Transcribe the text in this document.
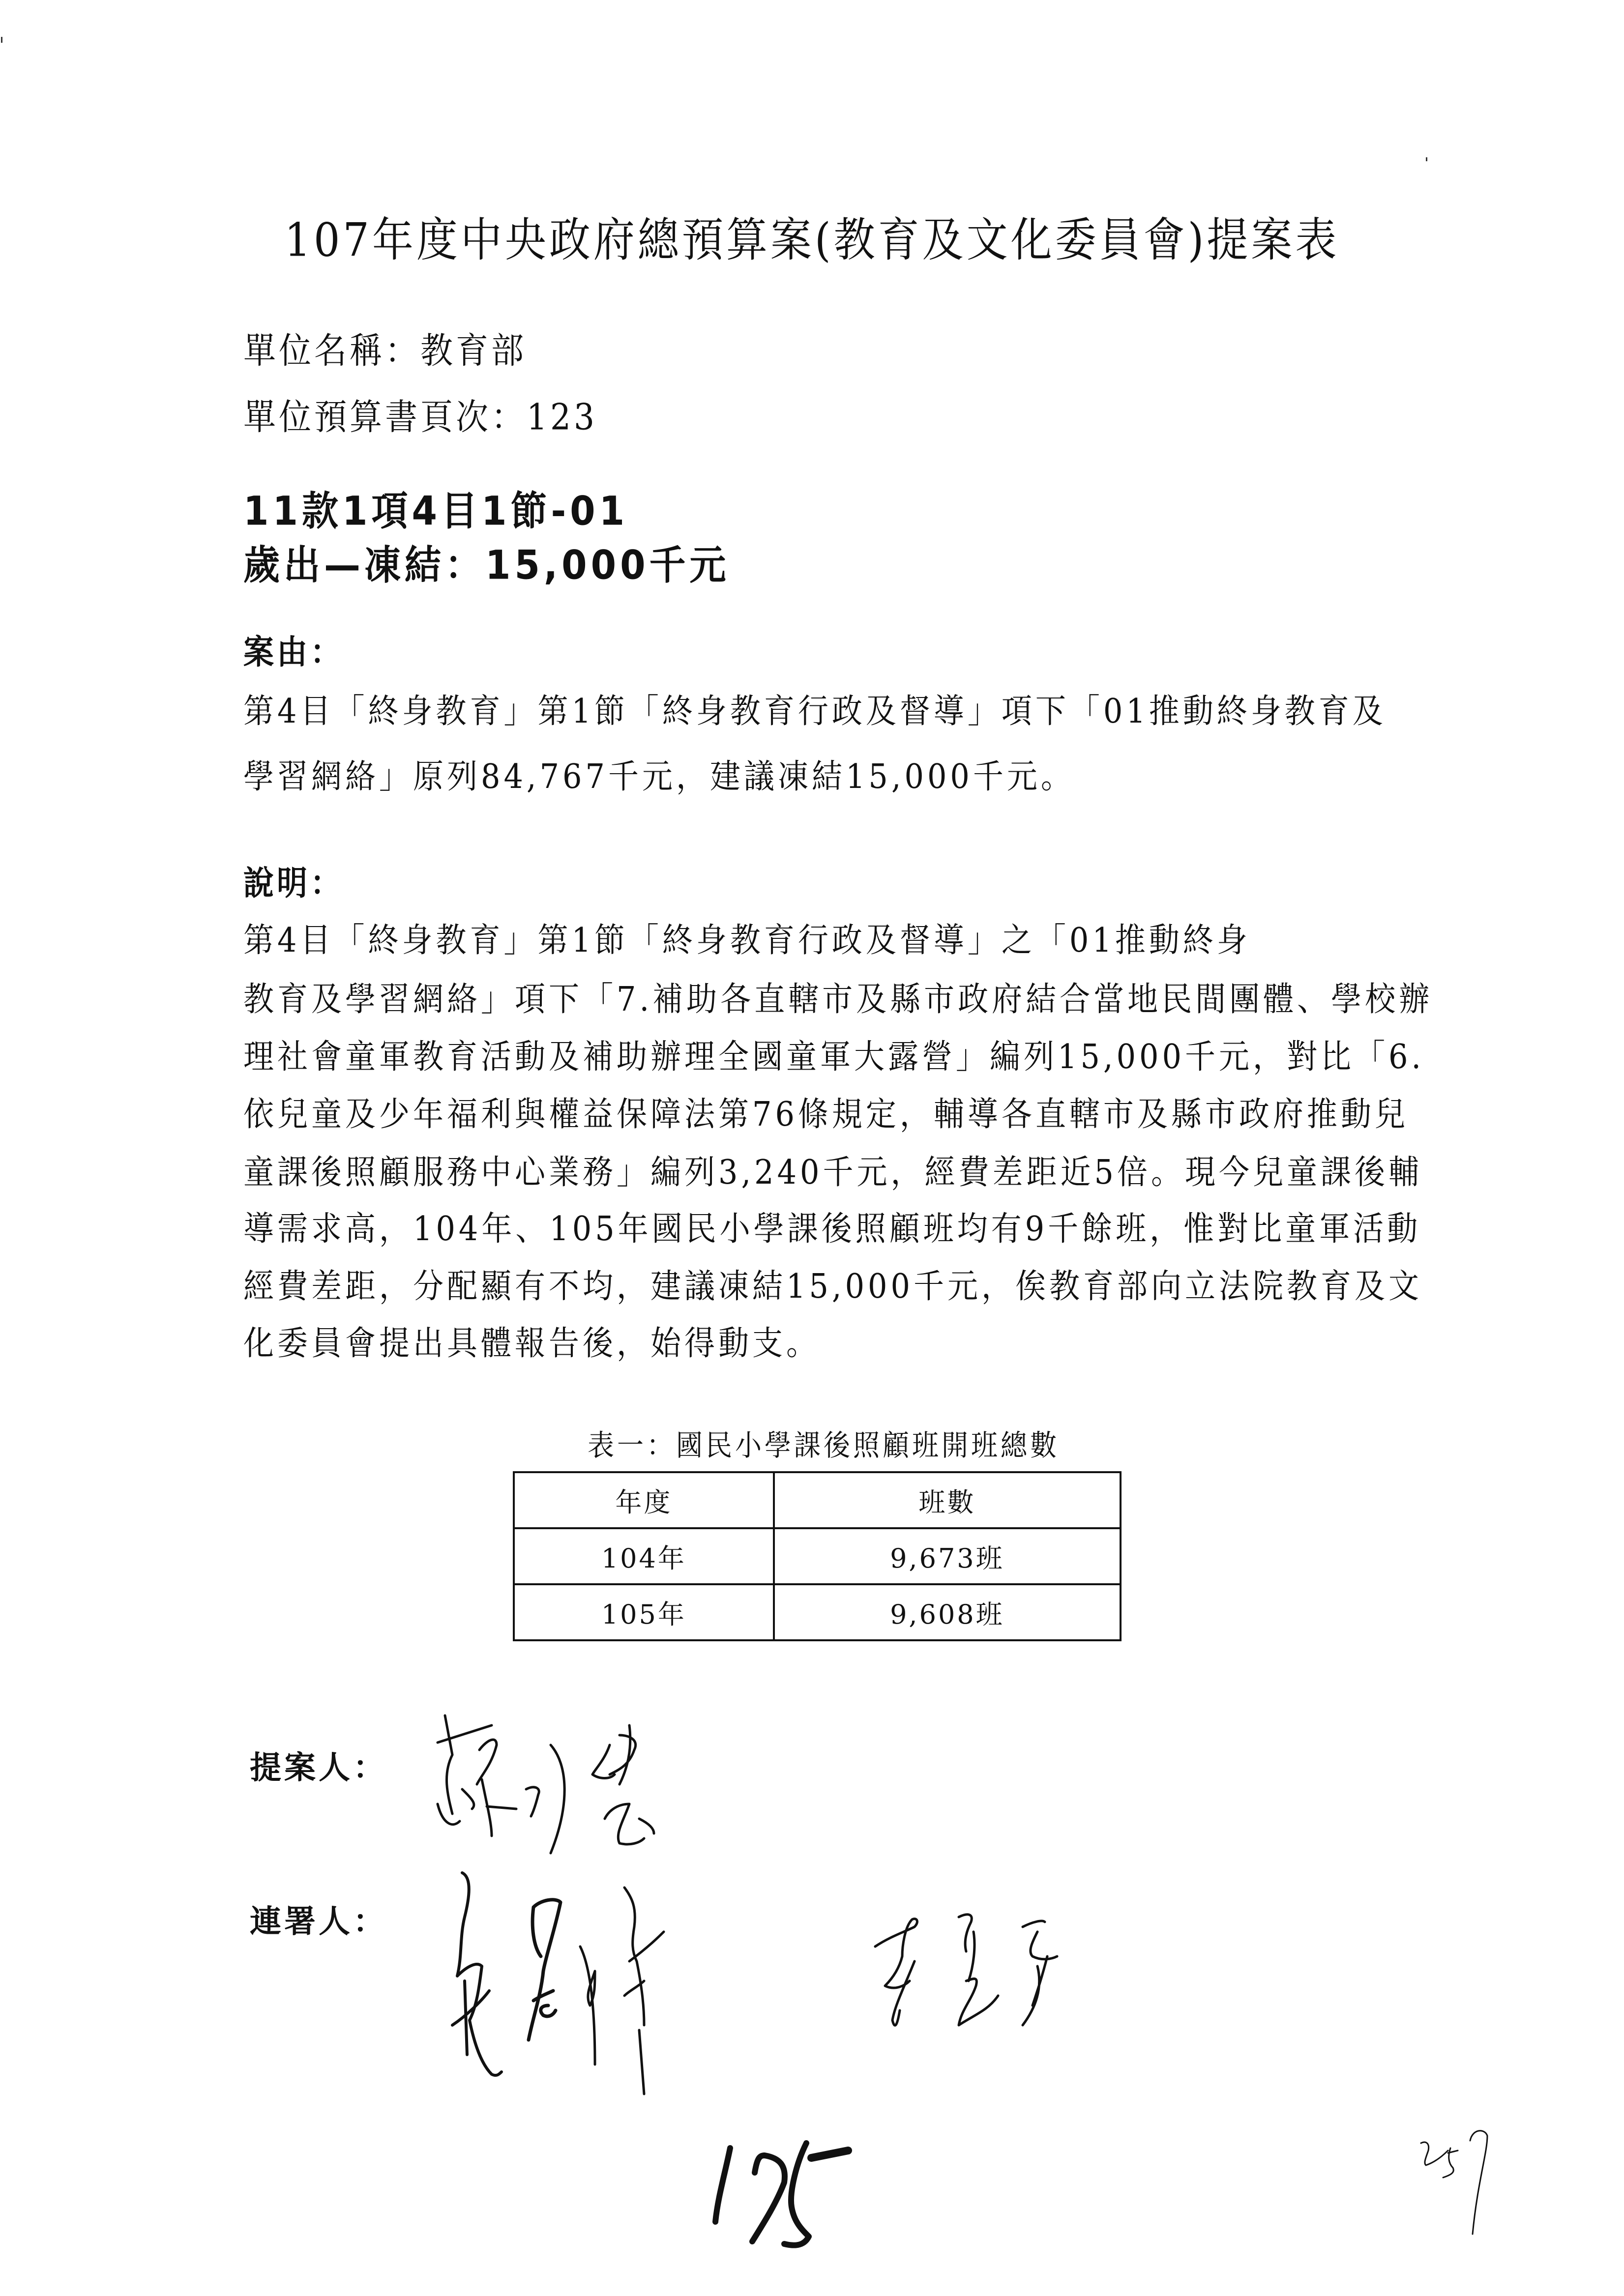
107年度中央政府總預算案(教育及文化委員會)提案表
單位名稱：教育部
單位預算書頁次：123
11款1項4目1節-01
歲出—凍結：15,000千元
案由：
第4目「終身教育」第1節「終身教育行政及督導」項下「01推動終身教育及
學習網絡」原列84,767千元，建議凍結15,000千元。
說明：
第4目「終身教育」第1節「終身教育行政及督導」之「01推動終身
教育及學習網絡」項下「7.補助各直轄市及縣市政府結合當地民間團體、學校辦
理社會童軍教育活動及補助辦理全國童軍大露營」編列15,000千元，對比「6.
依兒童及少年福利與權益保障法第76條規定，輔導各直轄市及縣市政府推動兒
童課後照顧服務中心業務」編列3,240千元，經費差距近5倍。現今兒童課後輔
導需求高，104年、105年國民小學課後照顧班均有9千餘班，惟對比童軍活動
經費差距，分配顯有不均，建議凍結15,000千元，俟教育部向立法院教育及文
化委員會提出具體報告後，始得動支。
表一：國民小學課後照顧班開班總數
年度	班數
104年	9,673班
105年	9,608班
提案人：
連署人：
